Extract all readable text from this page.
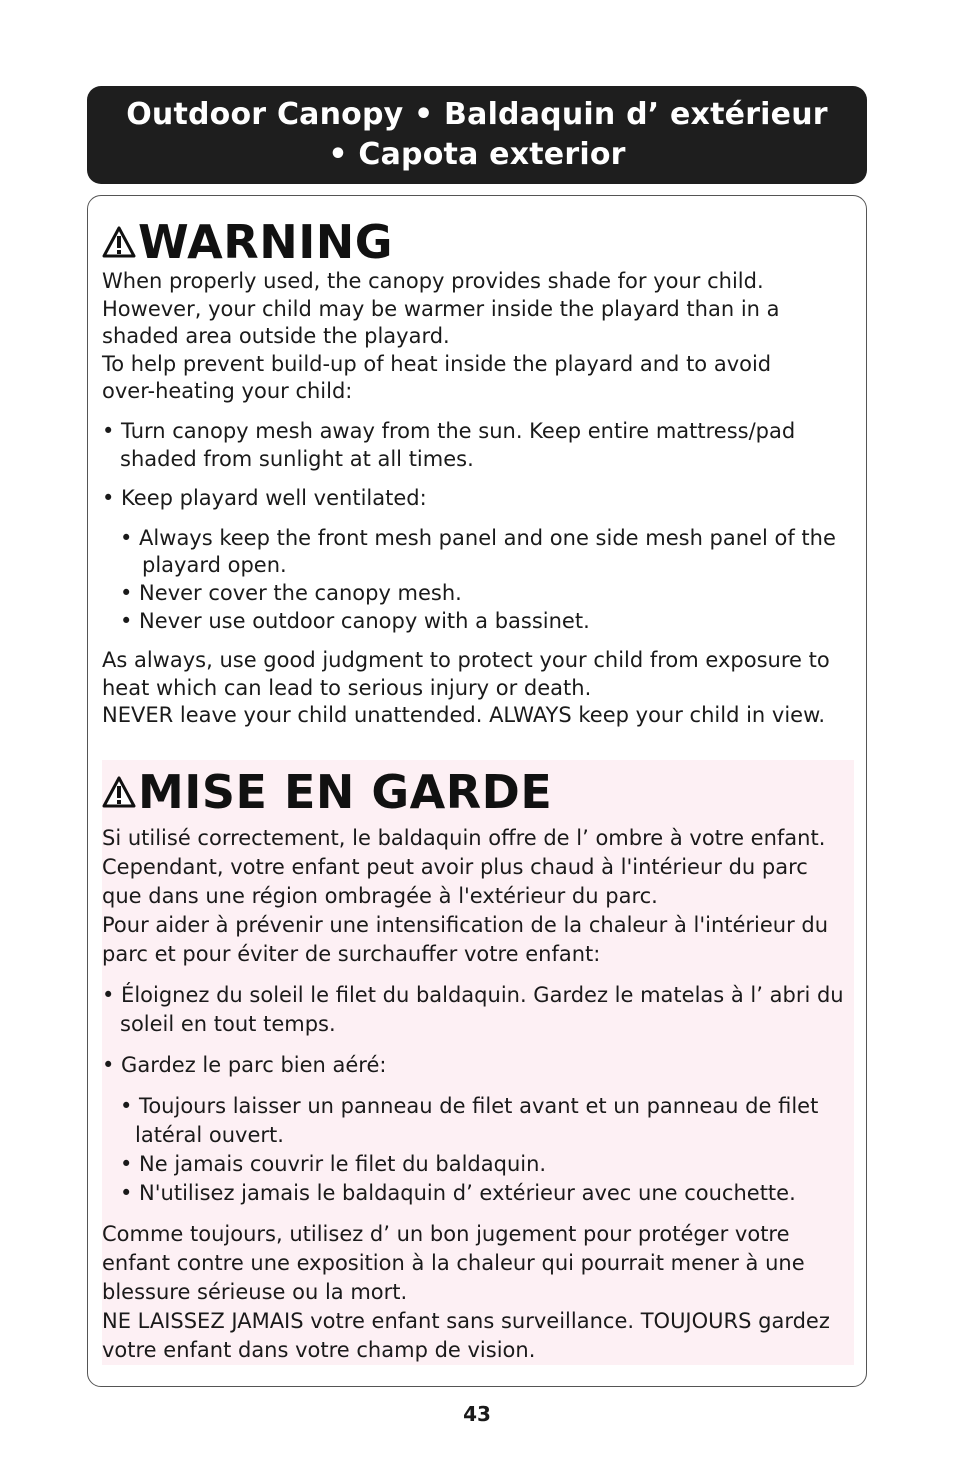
Outdoor Canopy • Baldaquin d’ extérieur
• Capota exterior
WARNING

When properly used, the canopy provides shade for your child.

However, your child may be warmer inside the playard than in a

shaded area outside the playard.

To help prevent build-up of heat inside the playard and to avoid

over-heating your child:

• Turn canopy mesh away from the sun. Keep entire mattress/pad

shaded from sunlight at all times.

• Keep playard well ventilated:

• Always keep the front mesh panel and one side mesh panel of the

playard open.

• Never cover the canopy mesh.

• Never use outdoor canopy with a bassinet.

As always, use good judgment to protect your child from exposure to

heat which can lead to serious injury or death.

NEVER leave your child unattended. ALWAYS keep your child in view.

MISE EN GARDE

Si utilisé correctement, le baldaquin offre de l’ ombre à votre enfant.

Cependant, votre enfant peut avoir plus chaud à l'intérieur du parc

que dans une région ombragée à l'extérieur du parc.

Pour aider à prévenir une intensification de la chaleur à l'intérieur du

parc et pour éviter de surchauffer votre enfant:

• Éloignez du soleil le filet du baldaquin. Gardez le matelas à l’ abri du

soleil en tout temps.

• Gardez le parc bien aéré:

• Toujours laisser un panneau de filet avant et un panneau de filet

latéral ouvert.

• Ne jamais couvrir le filet du baldaquin.

• N'utilisez jamais le baldaquin d’ extérieur avec une couchette.

Comme toujours, utilisez d’ un bon jugement pour protéger votre

enfant contre une exposition à la chaleur qui pourrait mener à une

blessure sérieuse ou la mort.

NE LAISSEZ JAMAIS votre enfant sans surveillance. TOUJOURS gardez

votre enfant dans votre champ de vision.

43
